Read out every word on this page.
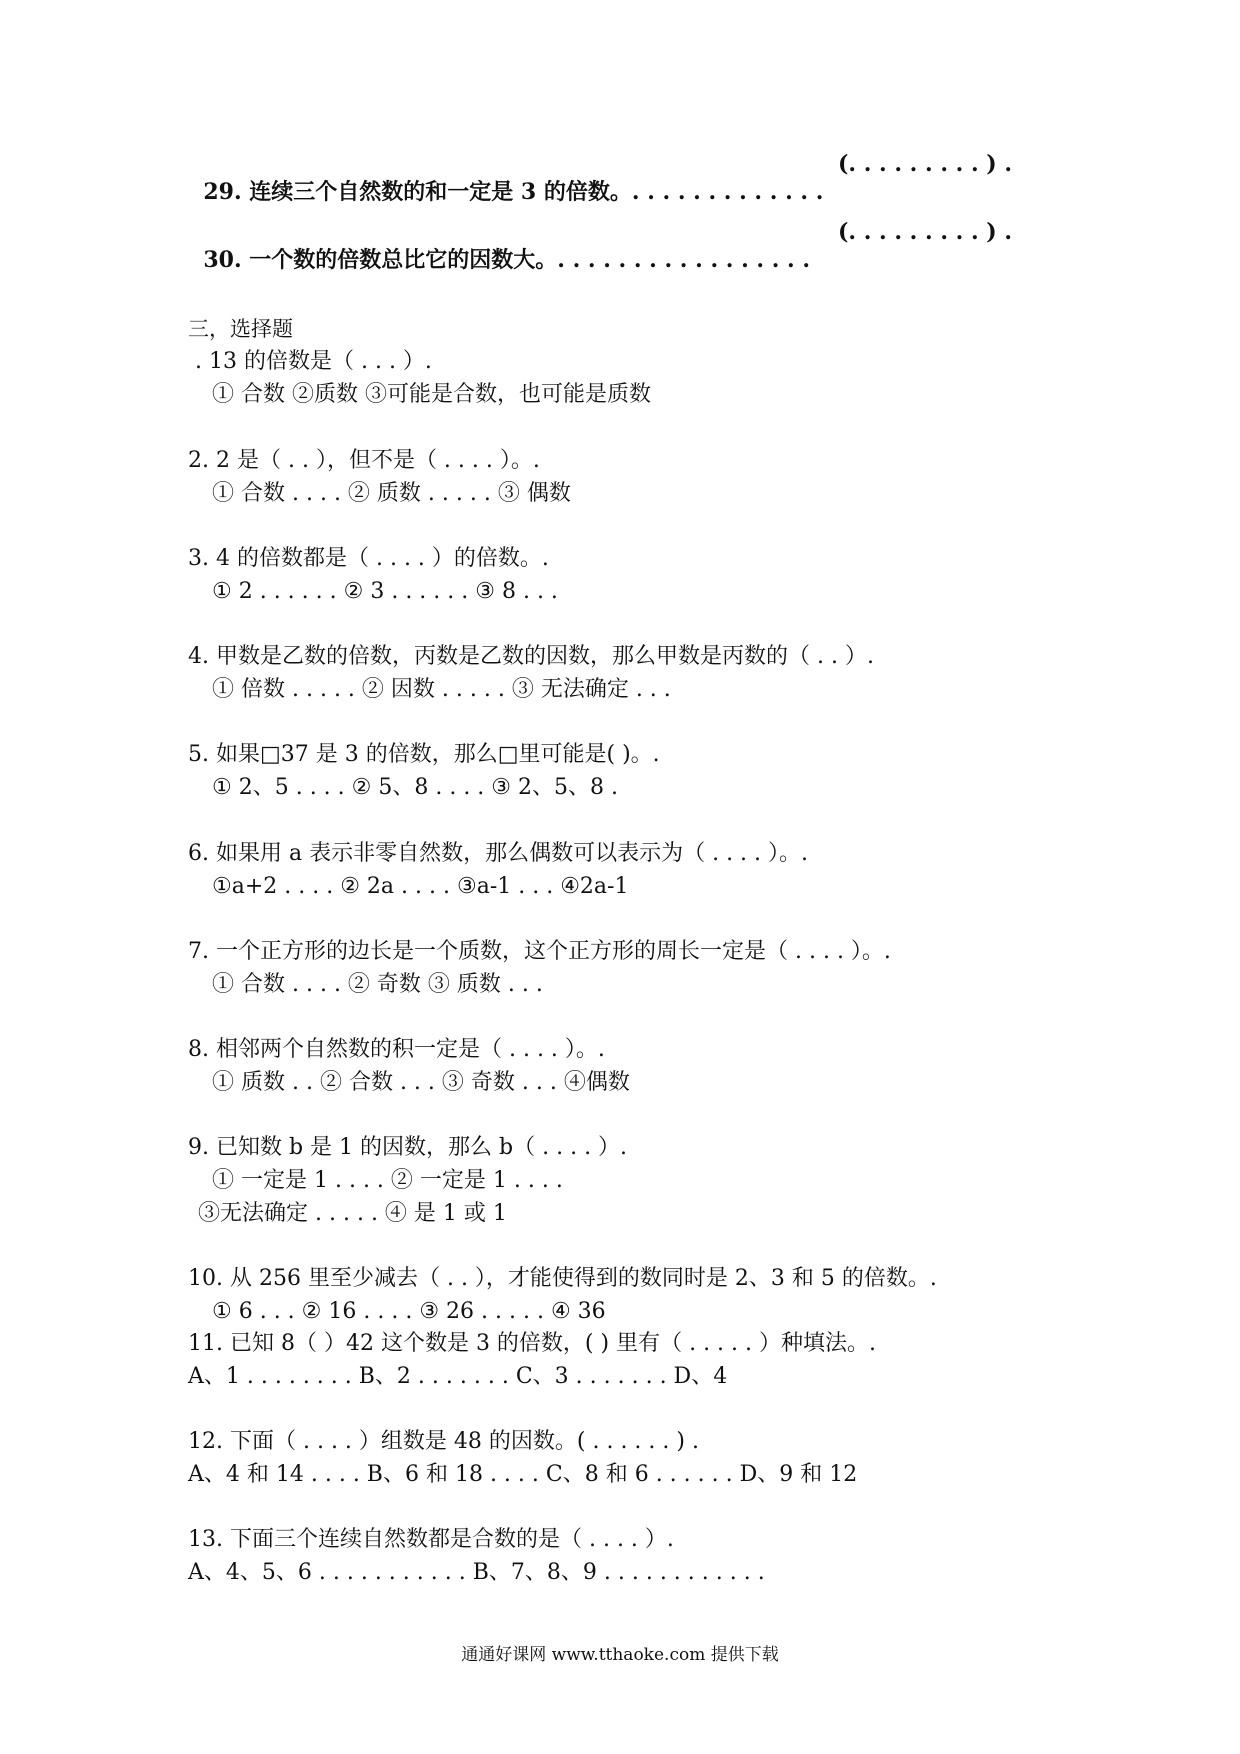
29. 连续三个自然数的和一定是 3 的倍数。. . . . . . . . . . . . .

(. . . . . . . . . ) .

30. 一个数的倍数总比它的因数大。. . . . . . . . . . . . . . . . .

(. . . . . . . . . ) .
三，选择题
. 13 的倍数是（ . . . ）.
① 合数 ②质数 ③可能是合数，也可能是质数
2. 2 是（ . . ），但不是（ . . . . ）。.
① 合数 . . . . ② 质数 . . . . . ③ 偶数
3. 4 的倍数都是（ . . . . ）的倍数。.
① 2 . . . . . . ② 3 . . . . . . ③ 8 . . .
4. 甲数是乙数的倍数，丙数是乙数的因数，那么甲数是丙数的（ . . ）.
① 倍数 . . . . . ② 因数 . . . . . ③ 无法确定 . . .
5. 如果□37 是 3 的倍数，那么□里可能是( )。.
① 2、5 . . . . ② 5、8 . . . . ③ 2、5、8 .
6. 如果用 a 表示非零自然数，那么偶数可以表示为（ . . . . ）。.
①a+2 . . . . ② 2a . . . . ③a-1 . . . ④2a-1
7. 一个正方形的边长是一个质数，这个正方形的周长一定是（ . . . . ）。.
① 合数 . . . . ② 奇数 ③ 质数 . . .
8. 相邻两个自然数的积一定是（ . . . . ）。.
① 质数 . . ② 合数 . . . ③ 奇数 . . . ④偶数
9. 已知数 b 是 1 的因数，那么 b（ . . . . ）.
① 一定是 1 . . . . ② 一定是 1 . . . .
③无法确定 . . . . . ④ 是 1 或 1
10. 从 256 里至少减去（ . . ），才能使得到的数同时是 2、3 和 5 的倍数。.
① 6 . . . ② 16 . . . . ③ 26 . . . . . ④ 36
11. 已知 8（ ）42 这个数是 3 的倍数，( ) 里有（ . . . . . ）种填法。.
A、1 . . . . . . . . B、2 . . . . . . . C、3 . . . . . . . D、4
12. 下面（ . . . . ）组数是 48 的因数。( . . . . . . ) .
A、4 和 14 . . . . B、6 和 18 . . . . C、8 和 6 . . . . . . D、9 和 12
13. 下面三个连续自然数都是合数的是（ . . . . ）.
A、4、5、6 . . . . . . . . . . . B、7、8、9 . . . . . . . . . . . .
通通好课网 www.tthaoke.com 提供下载
